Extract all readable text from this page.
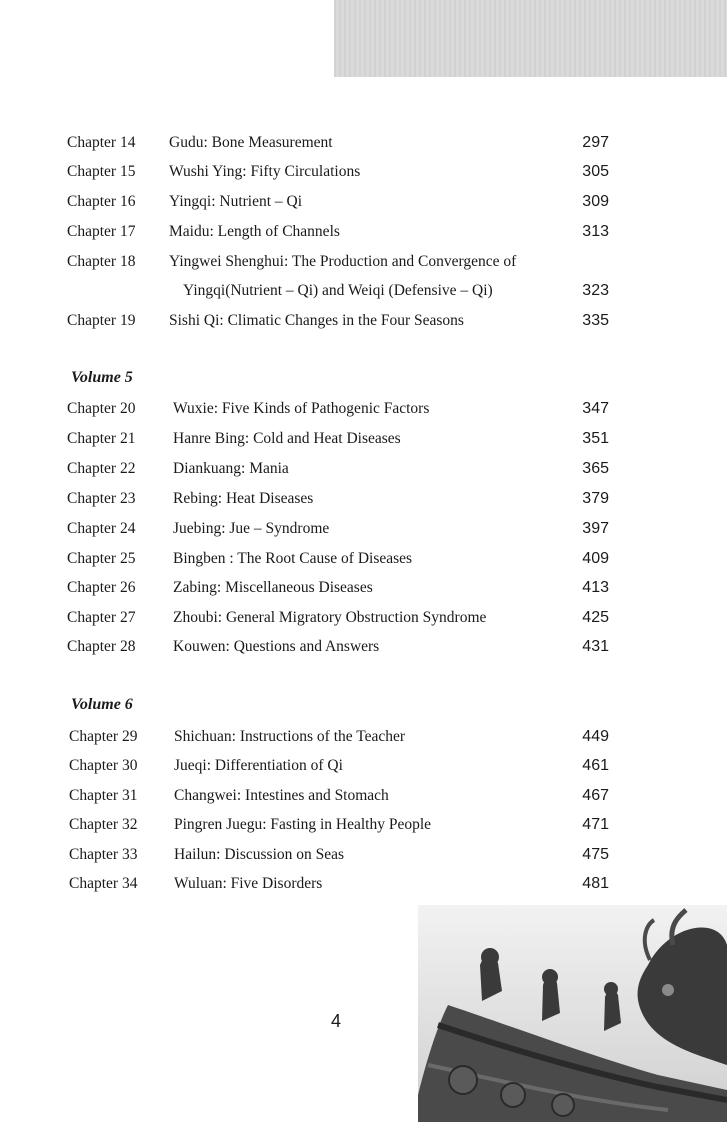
Chapter 14 Gudu: Bone Measurement	297
Chapter 15 Wushi Ying: Fifty Circulations	305
Chapter 16 Yingqi: Nutrient – Qi	309
Chapter 17 Maidu: Length of Channels	313
Chapter 18 Yingwei Shenghui: The Production and Convergence of
Yingqi(Nutrient – Qi) and Weiqi (Defensive – Qi)	323
Chapter 19 Sishi Qi: Climatic Changes in the Four Seasons	335
Volume 5
Chapter 20 Wuxie: Five Kinds of Pathogenic Factors	347
Chapter 21 Hanre Bing: Cold and Heat Diseases	351
Chapter 22 Diankuang: Mania	365
Chapter 23 Rebing: Heat Diseases	379
Chapter 24 Juebing: Jue – Syndrome	397
Chapter 25 Bingben : The Root Cause of Diseases	409
Chapter 26 Zabing: Miscellaneous Diseases	413
Chapter 27 Zhoubi: General Migratory Obstruction Syndrome	425
Chapter 28 Kouwen: Questions and Answers	431
Volume 6
Chapter 29 Shichuan: Instructions of the Teacher	449
Chapter 30 Jueqi: Differentiation of Qi	461
Chapter 31 Changwei: Intestines and Stomach	467
Chapter 32 Pingren Juegu: Fasting in Healthy People	471
Chapter 33 Hailun: Discussion on Seas	475
Chapter 34 Wuluan: Five Disorders	481
4
